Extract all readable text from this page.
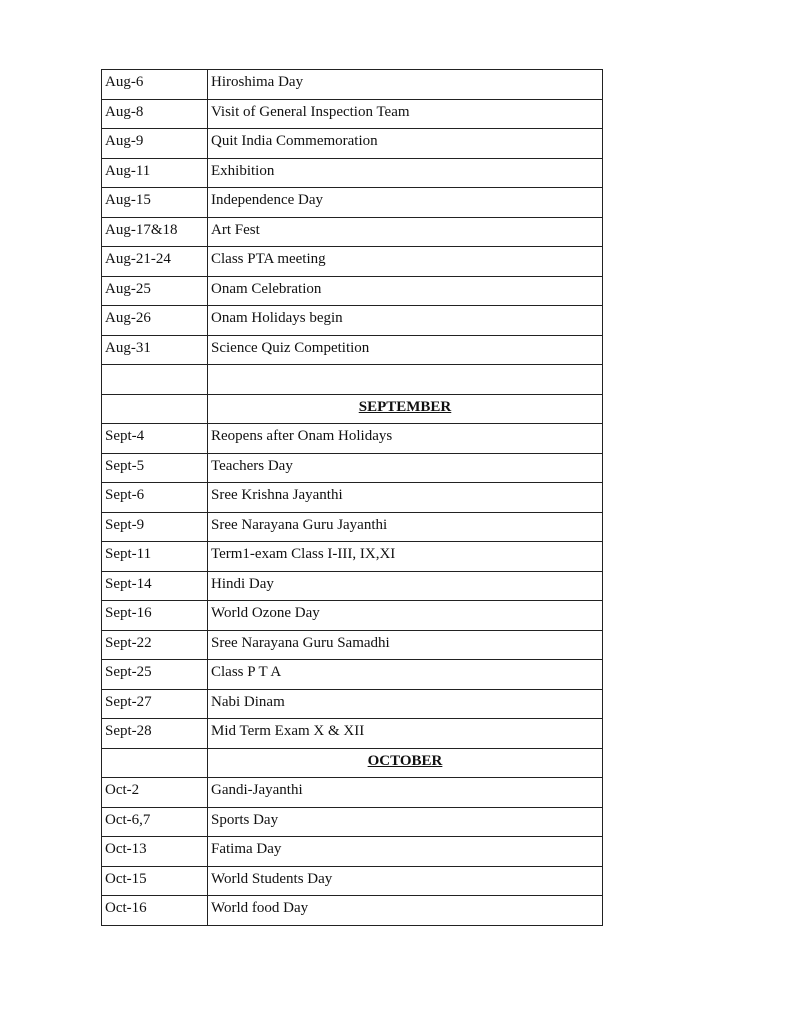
Aug-6	Hiroshima Day
Aug-8	Visit of General Inspection Team
Aug-9	Quit India Commemoration
Aug-11	Exhibition
Aug-15	Independence Day
Aug-17&18	Art Fest
Aug-21-24	Class PTA meeting
Aug-25	Onam Celebration
Aug-26	Onam Holidays begin
Aug-31	Science Quiz Competition

	SEPTEMBER
Sept-4	Reopens after Onam Holidays
Sept-5	Teachers Day
Sept-6	Sree Krishna Jayanthi
Sept-9	Sree Narayana Guru Jayanthi
Sept-11	Term1-exam Class I-III, IX,XI
Sept-14	Hindi Day
Sept-16	World Ozone Day
Sept-22	Sree Narayana Guru Samadhi
Sept-25	Class P T A
Sept-27	Nabi Dinam
Sept-28	Mid Term Exam X & XII
	OCTOBER
Oct-2	Gandi-Jayanthi
Oct-6,7	Sports Day
Oct-13	Fatima Day
Oct-15	World Students Day
Oct-16	World food Day
